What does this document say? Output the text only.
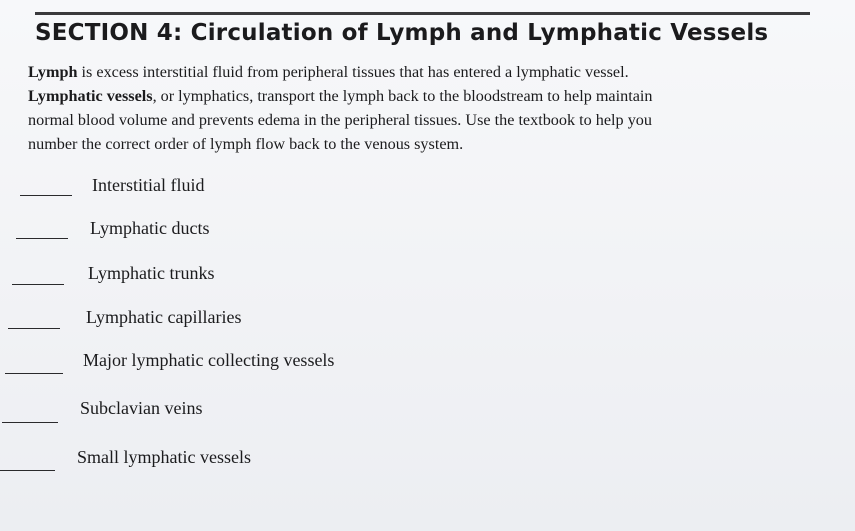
SECTION 4: Circulation of Lymph and Lymphatic Vessels
Lymph is excess interstitial fluid from peripheral tissues that has entered a lymphatic vessel.
Lymphatic vessels, or lymphatics, transport the lymph back to the bloodstream to help maintain
normal blood volume and prevents edema in the peripheral tissues. Use the textbook to help you
number the correct order of lymph flow back to the venous system.
Interstitial fluid
Lymphatic ducts
Lymphatic trunks
Lymphatic capillaries
Major lymphatic collecting vessels
Subclavian veins
Small lymphatic vessels
